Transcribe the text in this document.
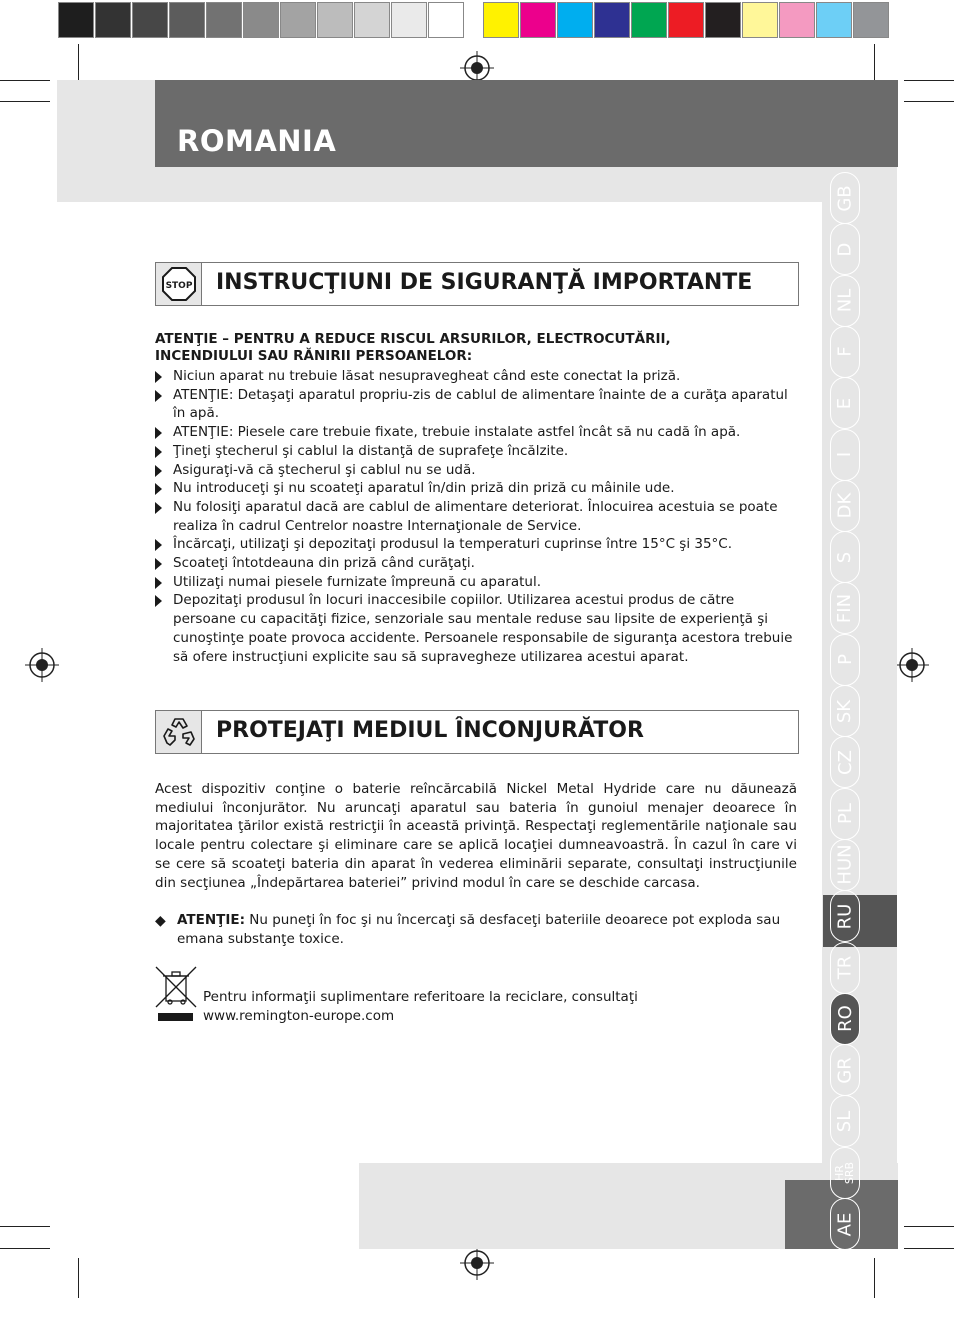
ROMANIA
GB
D
NL
F
E
I
DK
S
FIN
P
SK
CZ
PL
HUN
RU
TR
RO
GR
SL
HR
SRB
AE
STOP INSTRUCŢIUNI DE SIGURANŢĂ IMPORTANTE
ATENŢIE – PENTRU A REDUCE RISCUL ARSURILOR, ELECTROCUTĂRII,
INCENDIULUI SAU RĂNIRII PERSOANELOR:
Niciun aparat nu trebuie lăsat nesupravegheat când este conectat la priză.
ATENŢIE: Detaşaţi aparatul propriu-zis de cablul de alimentare înainte de a curăţa aparatul în apă.
ATENŢIE: Piesele care trebuie fixate, trebuie instalate astfel încât să nu cadă în apă.
Ţineţi ştecherul şi cablul la distanţă de suprafeţe încălzite.
Asiguraţi-vă că ştecherul şi cablul nu se udă.
Nu introduceţi şi nu scoateţi aparatul în/din priză din priză cu mâinile ude.
Nu folosiţi aparatul dacă are cablul de alimentare deteriorat. Înlocuirea acestuia se poate realiza în cadrul Centrelor noastre Internaţionale de Service.
Încărcaţi, utilizaţi şi depozitaţi produsul la temperaturi cuprinse între 15°C şi 35°C.
Scoateţi întotdeauna din priză când curăţaţi.
Utilizaţi numai piesele furnizate împreună cu aparatul.
Depozitaţi produsul în locuri inaccesibile copiilor. Utilizarea acestui produs de către persoane cu capacităţi fizice, senzoriale sau mentale reduse sau lipsite de experienţă şi cunoştinţe poate provoca accidente. Persoanele responsabile de siguranţa acestora trebuie să ofere instrucţiuni explicite sau să supravegheze utilizarea acestui aparat.
PROTEJAŢI MEDIUL ÎNCONJURĂTOR
Acest dispozitiv conţine o baterie reîncărcabilă Nickel Metal Hydride care nu dăunează mediului înconjurător. Nu aruncaţi aparatul sau bateria în gunoiul menajer deoarece în majoritatea ţărilor există restricţii în această privinţă. Respectaţi reglementările naţionale sau locale pentru colectare şi eliminare care se aplică locaţiei dumneavoastră. În cazul în care vi se cere să scoateţi bateria din aparat în vederea eliminării separate, consultaţi instrucţiunile din secţiunea „Îndepărtarea bateriei” privind modul în care se deschide carcasa.
◆ ATENŢIE: Nu puneţi în foc şi nu încercaţi să desfaceţi bateriile deoarece pot exploda sau emana substanţe toxice.
Pentru informaţii suplimentare referitoare la reciclare, consultaţi
www.remington-europe.com
